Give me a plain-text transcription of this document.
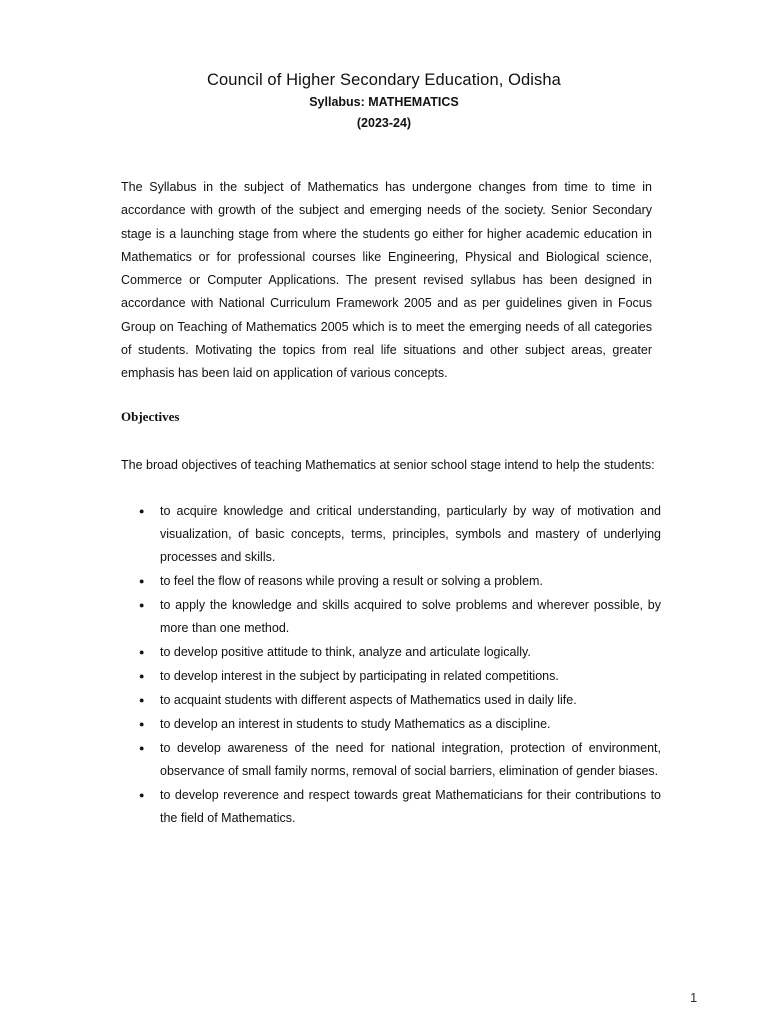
Council of Higher Secondary Education, Odisha
Syllabus: MATHEMATICS
(2023-24)

The Syllabus in the subject of Mathematics has undergone changes from time to time in accordance with growth of the subject and emerging needs of the society. Senior Secondary stage is a launching stage from where the students go either for higher academic education in Mathematics or for professional courses like Engineering, Physical and Biological science, Commerce or Computer Applications. The present revised syllabus has been designed in accordance with National Curriculum Framework 2005 and as per guidelines given in Focus Group on Teaching of Mathematics 2005 which is to meet the emerging needs of all categories of students. Motivating the topics from real life situations and other subject areas, greater emphasis has been laid on application of various concepts.

Objectives

The broad objectives of teaching Mathematics at senior school stage intend to help the students:

● to acquire knowledge and critical understanding, particularly by way of motivation and visualization, of basic concepts, terms, principles, symbols and mastery of underlying processes and skills.
● to feel the flow of reasons while proving a result or solving a problem.
● to apply the knowledge and skills acquired to solve problems and wherever possible, by more than one method.
● to develop positive attitude to think, analyze and articulate logically.
● to develop interest in the subject by participating in related competitions.
● to acquaint students with different aspects of Mathematics used in daily life.
● to develop an interest in students to study Mathematics as a discipline.
● to develop awareness of the need for national integration, protection of environment, observance of small family norms, removal of social barriers, elimination of gender biases.
● to develop reverence and respect towards great Mathematicians for their contributions to the field of Mathematics.
1
